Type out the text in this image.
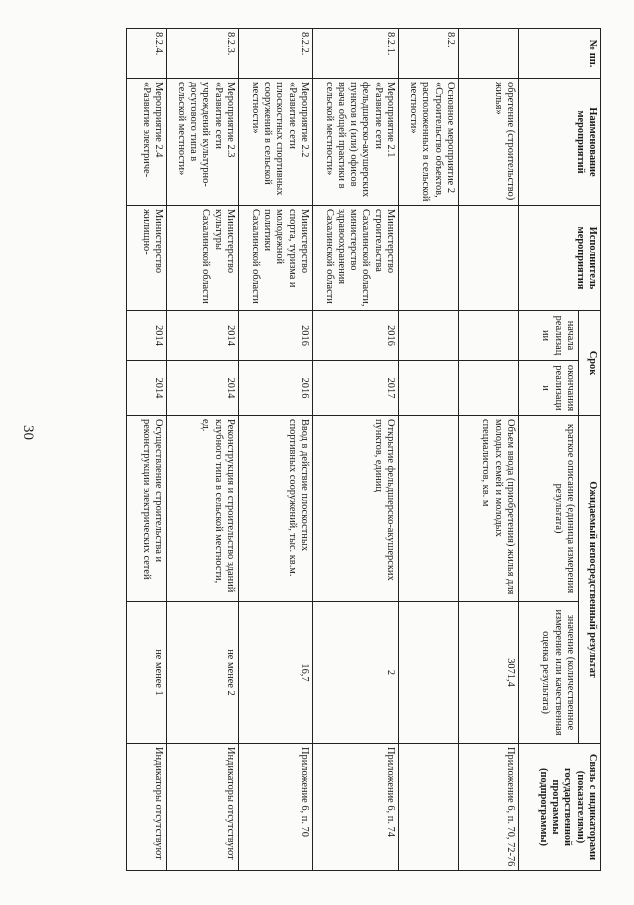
30
№ пп.	Наименование мероприятий	Исполнитель мероприятия	Срок		Ожидаемый непосредственный результат		Связь с индикаторами (показателями) государственной программы (подпрограммы)
			начала реализации	окончания реализации	краткое описание (единица измерения результата)	значение (количественное измерение или качественная оценка результата)	
	обретение (строительство) жилья»				Объем ввода (приобретения) жилья для молодых семей и молодых специалистов, кв. м	3071,4	Приложение 6, п. 70, 72-76
8.2.	Основное мероприятие 2 «Строительство объектов, расположенных в сельской местности»						
8.2.1.	Мероприятие 2.1 «Развитие сети фельдшерско-акушерских пунктов и (или) офисов врача общей практики в сельской местности»	Министерство строительства Сахалинской области, министерство здравоохранения Сахалинской области	2016	2017	Открытие фельдшерско-акушерских пунктов, единиц	2	Приложение 6, п. 74
8.2.2.	Мероприятие 2.2 «Развитие сети плоскостных спортивных сооружений в сельской местности»	Министерство спорта, туризма и молодежной политики Сахалинской области	2016	2016	Ввод в действие плоскостных спортивных сооружений, тыс. кв.м.	16,7	Приложение 6, п. 70
8.2.3.	Мероприятие 2.3 «Развитие сети учреждений культурно-досугового типа в сельской местности»	Министерство культуры Сахалинской области	2014	2014	Реконструкция и строительство зданий клубного типа в сельской местности, ед.	не менее 2	Индикаторы отсутствуют
8.2.4.	Мероприятие 2.4 «Развитие электриче-	Министерство жилищно-	2014	2014	Осуществление строительства и реконструкции электрических сетей	не менее 1	Индикаторы отсутствуют
